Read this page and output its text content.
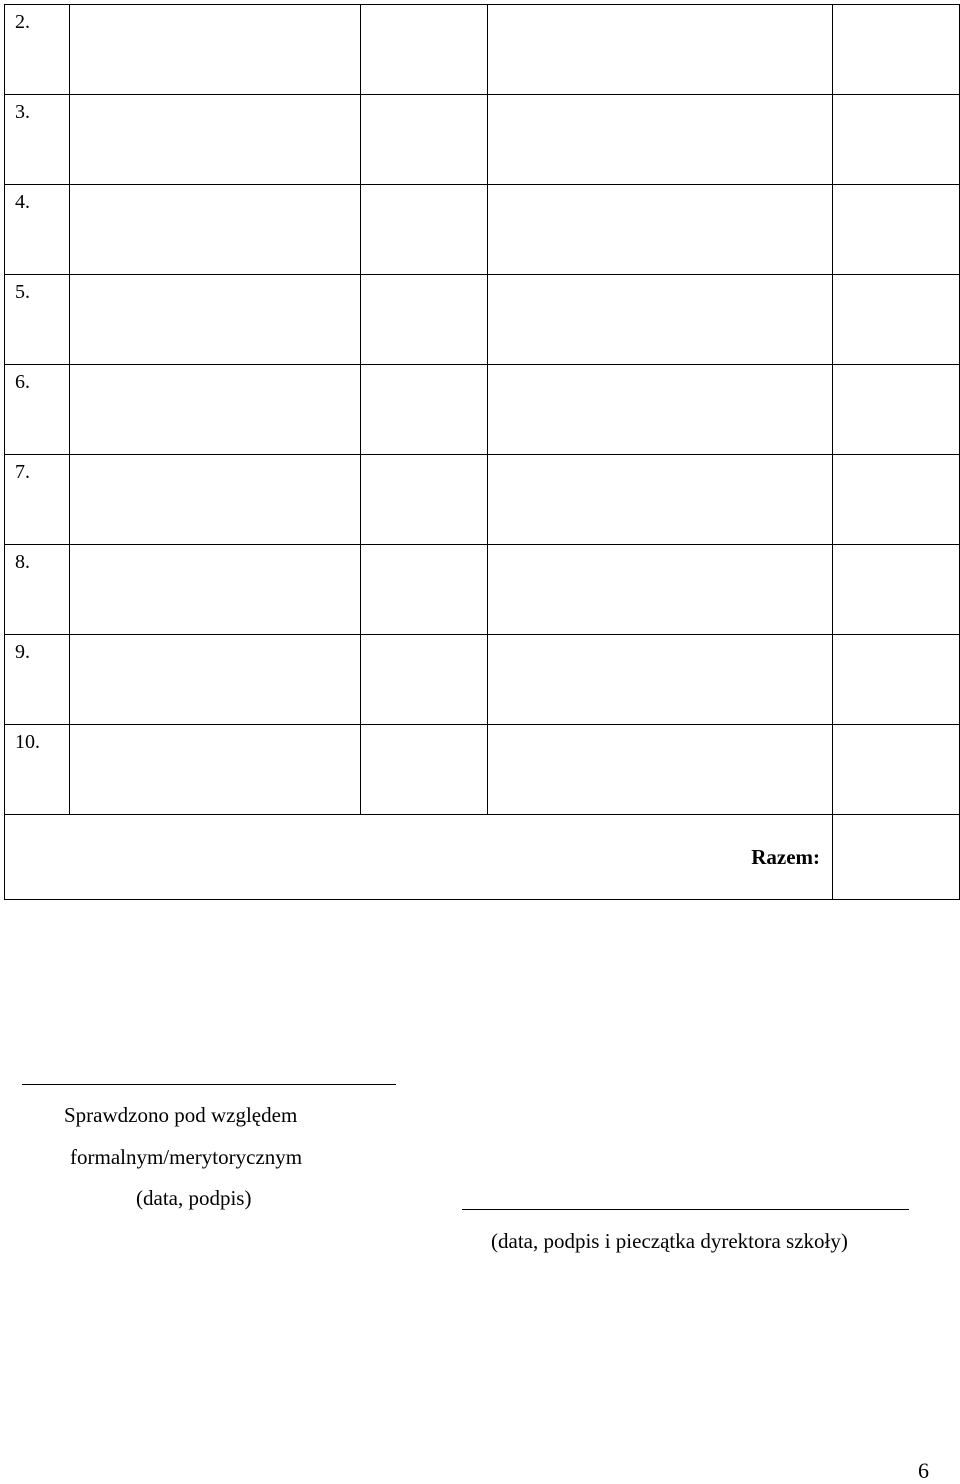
2.				
3.				
4.				
5.				
6.				
7.				
8.				
9.				
10.				
Razem:				
Sprawdzono pod względem
formalnym/merytorycznym
(data, podpis)
(data, podpis i pieczątka dyrektora szkoły)
6
